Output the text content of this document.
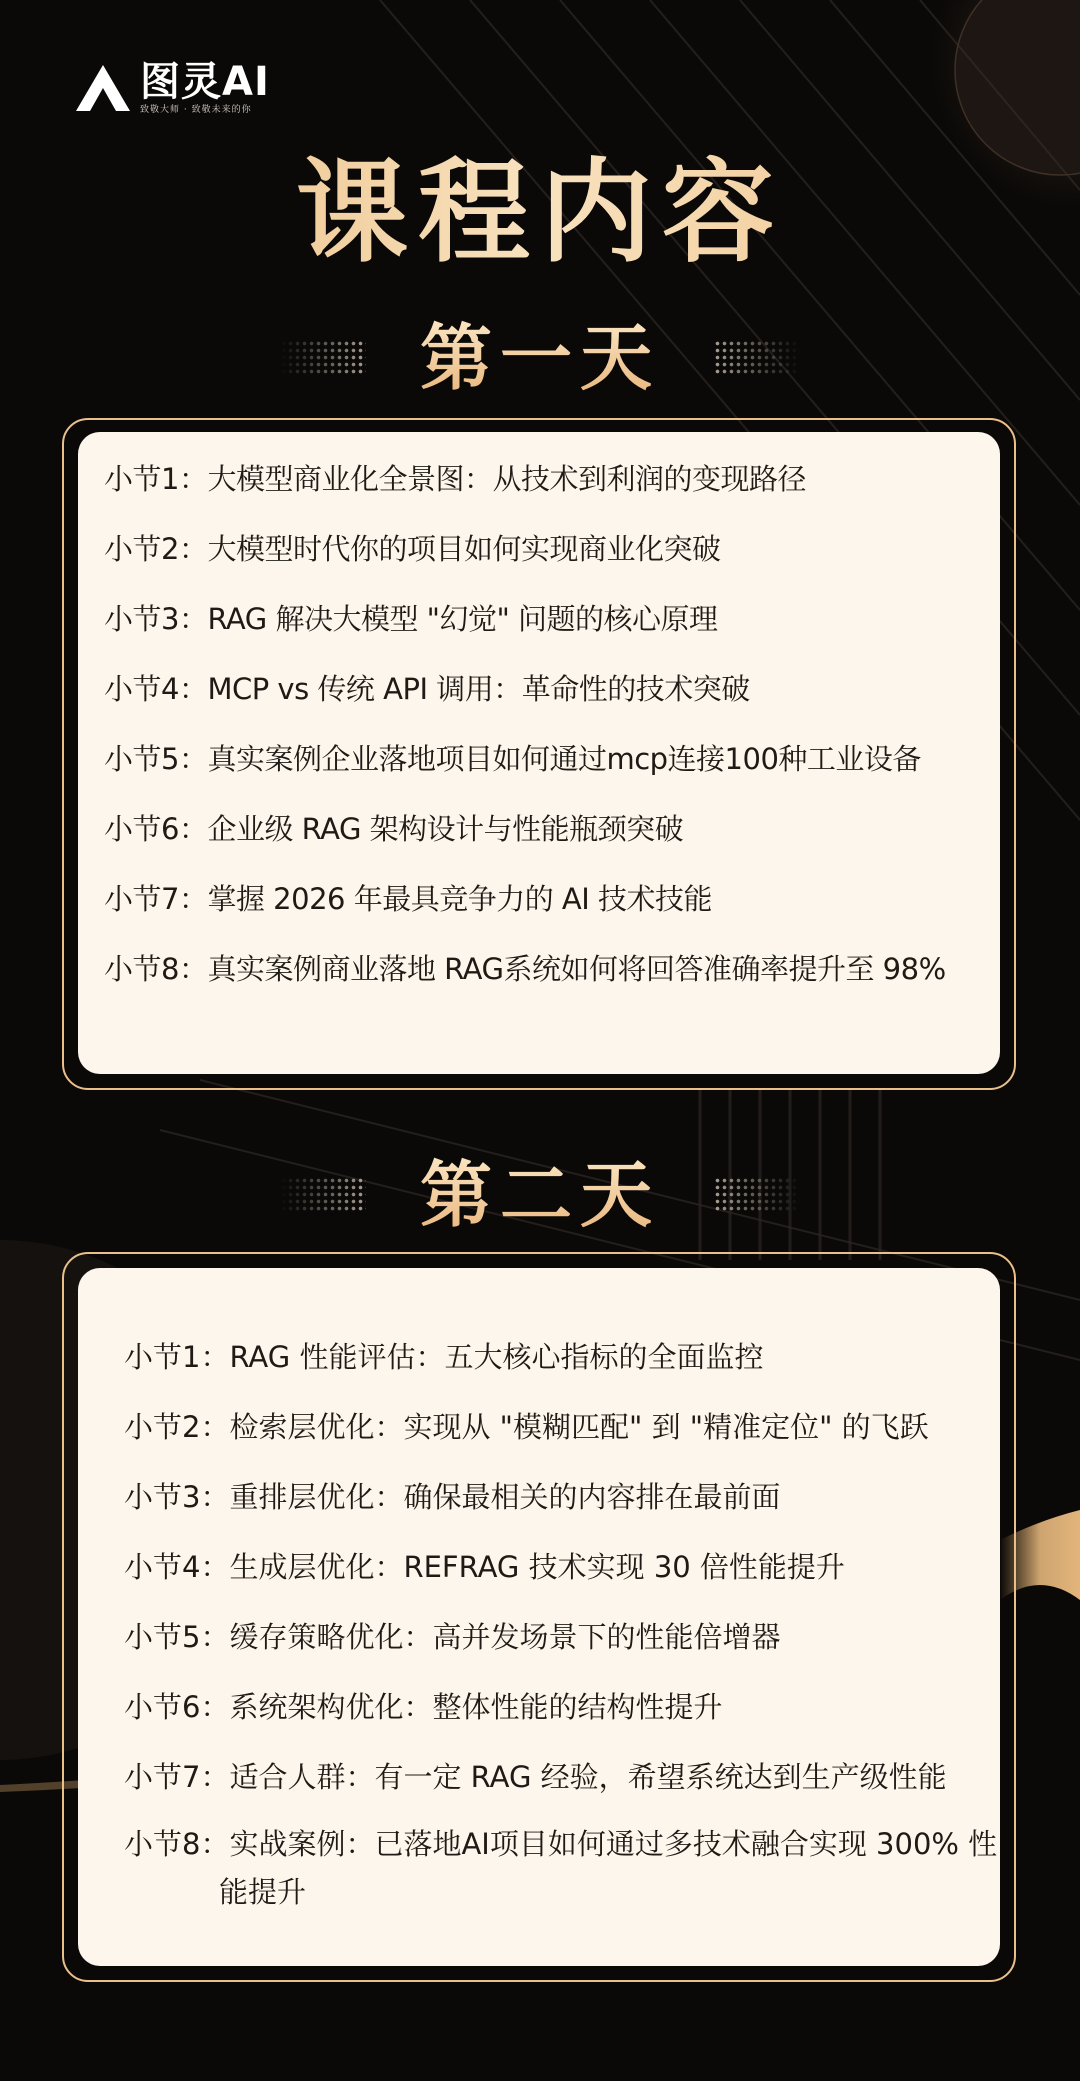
图灵AI
致敬大师 · 致敬未来的你
课程内容
第一天
小节1：大模型商业化全景图：从技术到利润的变现路径
小节2：大模型时代你的项目如何实现商业化突破
小节3：RAG 解决大模型 "幻觉" 问题的核心原理
小节4：MCP vs 传统 API 调用：革命性的技术突破
小节5：真实案例企业落地项目如何通过mcp连接100种工业设备
小节6：企业级 RAG 架构设计与性能瓶颈突破
小节7：掌握 2026 年最具竞争力的 AI 技术技能
小节8：真实案例商业落地 RAG系统如何将回答准确率提升至 98%
第二天
小节1：RAG 性能评估：五大核心指标的全面监控
小节2：检索层优化：实现从 "模糊匹配" 到 "精准定位" 的飞跃
小节3：重排层优化：确保最相关的内容排在最前面
小节4：生成层优化：REFRAG 技术实现 30 倍性能提升
小节5：缓存策略优化：高并发场景下的性能倍增器
小节6：系统架构优化：整体性能的结构性提升
小节7：适合人群：有一定 RAG 经验，希望系统达到生产级性能
小节8：实战案例：已落地AI项目如何通过多技术融合实现 300% 性能提升
